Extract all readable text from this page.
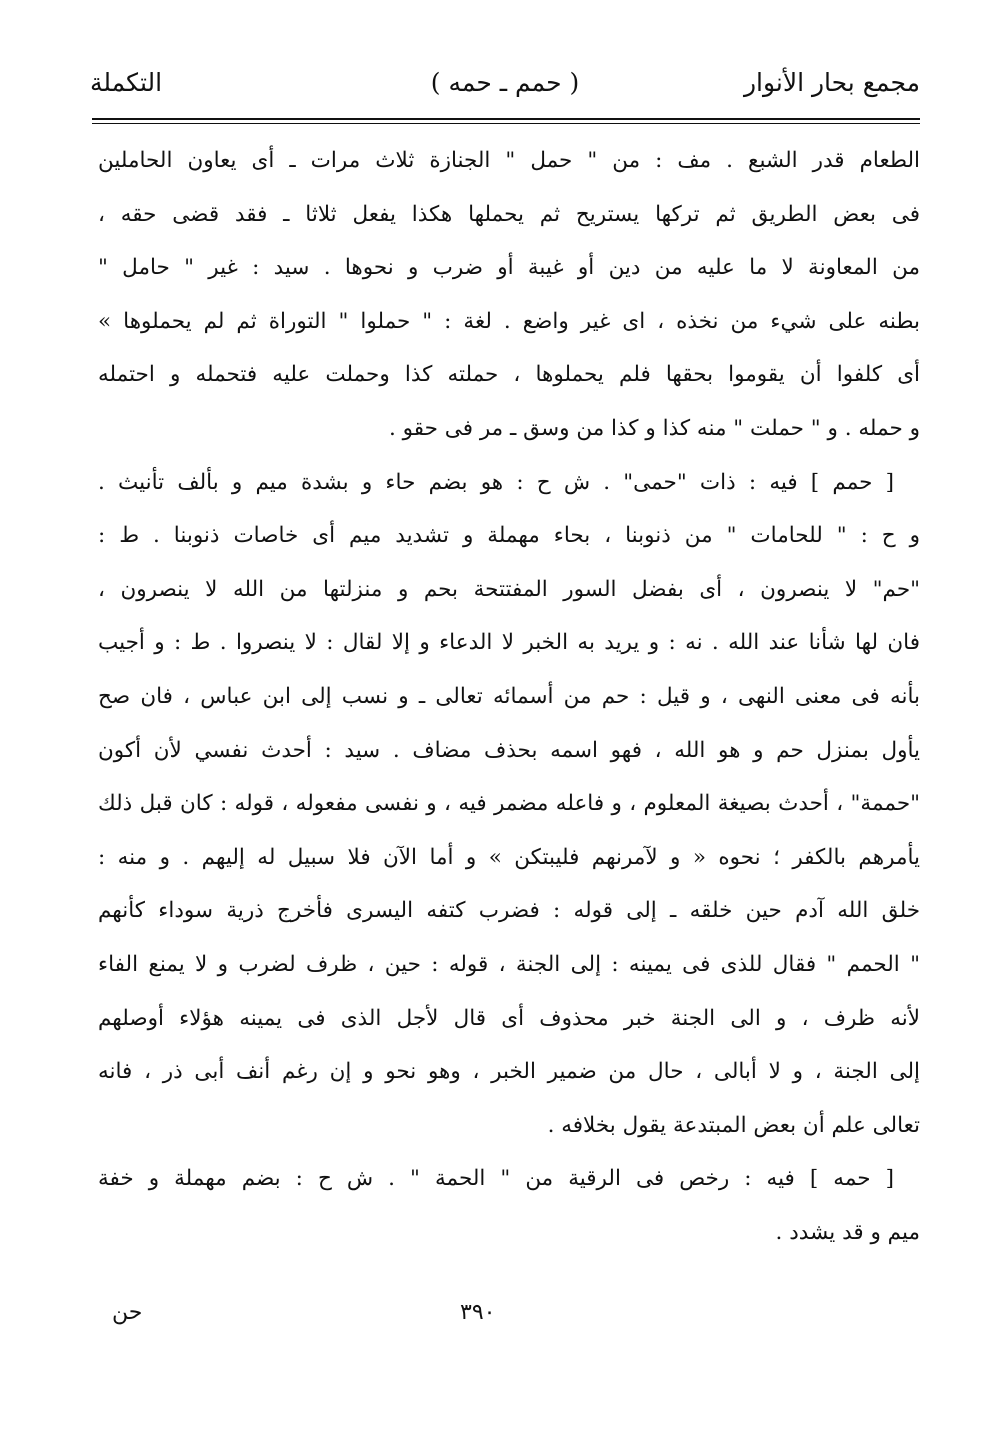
مجمع بحار الأنوار
( حمم ـ حمه )
التكملة
الطعام قدر الشبع . مف : من " حمل " الجنازة ثلاث مرات ـ أى يعاون الحاملين
فى بعض الطريق ثم تركها يستريح ثم يحملها هكذا يفعل ثلاثا ـ فقد قضى حقه ،
من المعاونة لا ما عليه من دين أو غيبة أو ضرب و نحوها . سيد : غير " حامل "
بطنه على شيء من نخذه ، اى غير واضع . لغة : " حملوا " التوراة ثم لم يحملوها »
أى كلفوا أن يقوموا بحقها فلم يحملوها ، حملته كذا وحملت عليه فتحمله و احتمله
و حمله . و " حملت " منه كذا و كذا من وسق ـ مر فى حقو .
[ حمم ] فيه : ذات "حمى" . ش ح : هو بضم حاء و بشدة ميم و بألف تأنيث .
و ح : " للحامات " من ذنوبنا ، بحاء مهملة و تشديد ميم أى خاصات ذنوبنا . ط :
"حم" لا ينصرون ، أى بفضل السور المفتتحة بحم و منزلتها من الله لا ينصرون ،
فان لها شأنا عند الله . نه : و يريد به الخبر لا الدعاء و إلا لقال : لا ينصروا . ط : و أجيب
بأنه فى معنى النهى ، و قيل : حم من أسمائه تعالى ـ و نسب إلى ابن عباس ، فان صح
يأول بمنزل حم و هو الله ، فهو اسمه بحذف مضاف . سيد : أحدث نفسي لأن أكون
"حممة" ، أحدث بصيغة المعلوم ، و فاعله مضمر فيه ، و نفسى مفعوله ، قوله : كان قبل ذلك
يأمرهم بالكفر ؛ نحوه « و لآمرنهم فليبتكن » و أما الآن فلا سبيل له إليهم . و منه :
خلق الله آدم حين خلقه ـ إلى قوله : فضرب كتفه اليسرى فأخرج ذرية سوداء كأنهم
" الحمم " فقال للذى فى يمينه : إلى الجنة ، قوله : حين ، ظرف لضرب و لا يمنع الفاء
لأنه ظرف ، و الى الجنة خبر محذوف أى قال لأجل الذى فى يمينه هؤلاء أوصلهم
إلى الجنة ، و لا أبالى ، حال من ضمير الخبر ، وهو نحو و إن رغم أنف أبى ذر ، فانه
تعالى علم أن بعض المبتدعة يقول بخلافه .
[ حمه ] فيه : رخص فى الرقية من " الحمة " . ش ح : بضم مهملة و خفة
ميم و قد يشدد .
٣٩٠
حن
